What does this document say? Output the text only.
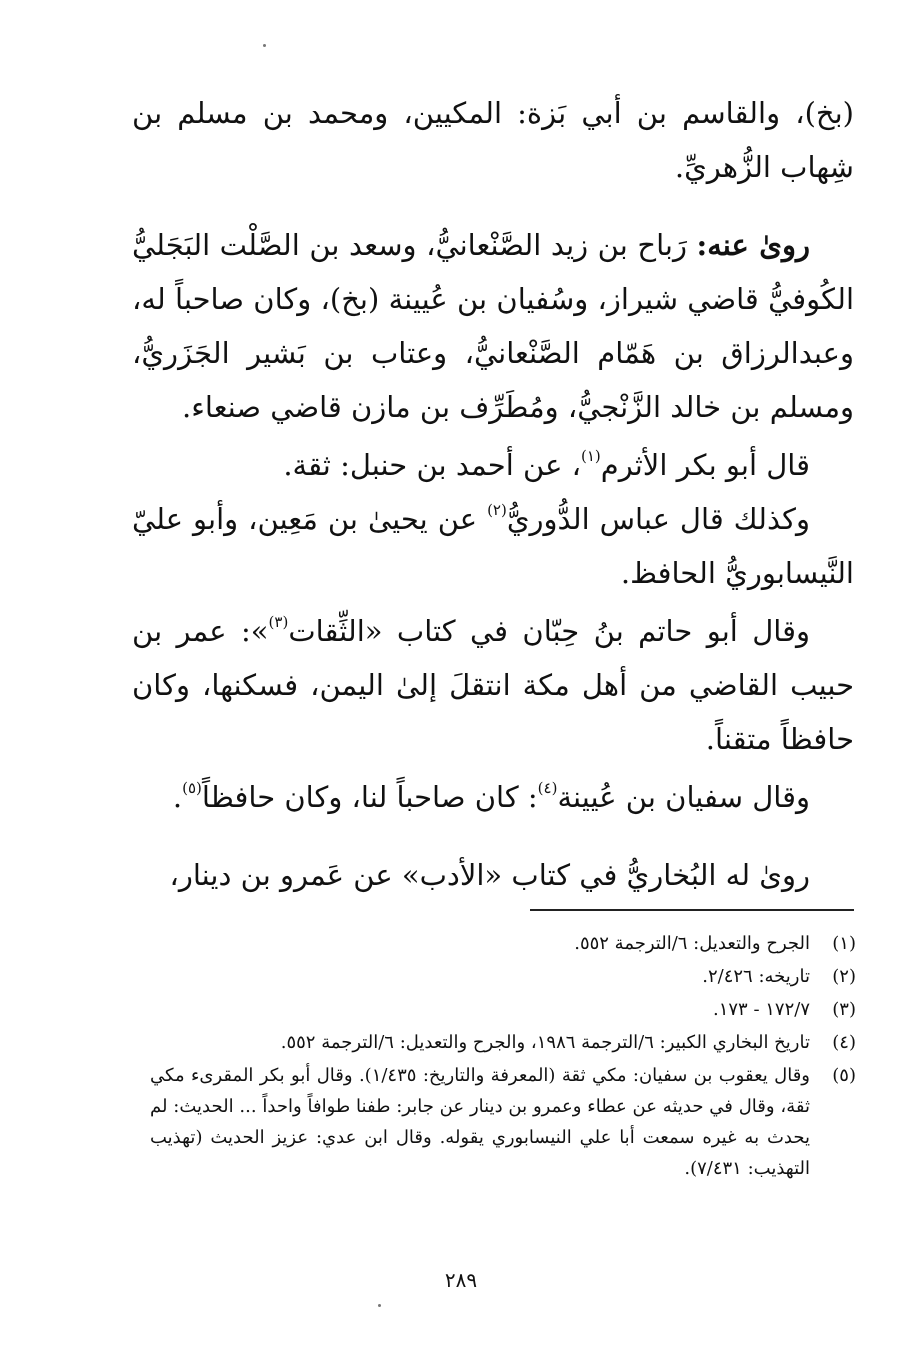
(بخ)، والقاسم بن أبي بَزة: المكيين، ومحمد بن مسلم بن شِهاب الزُّهريِّ.

روىٰ عنه: رَباح بن زيد الصَّنْعانيُّ، وسعد بن الصَّلْت البَجَليُّ الكُوفيُّ قاضي شيراز، وسُفيان بن عُيينة (بخ)، وكان صاحباً له، وعبدالرزاق بن هَمّام الصَّنْعانيُّ، وعتاب بن بَشير الجَزَريُّ، ومسلم بن خالد الزَّنْجيُّ، ومُطَرِّف بن مازن قاضي صنعاء.

قال أبو بكر الأثرم$^{(١)}$، عن أحمد بن حنبل: ثقة.

وكذلك قال عباس الدُّوريُّ$^{(٢)}$ عن يحيىٰ بن مَعِين، وأبو عليّ النَّيسابوريُّ الحافظ.

وقال أبو حاتم بنُ حِبّان في كتاب «الثِّقات$^{(٣)}$»: عمر بن حبيب القاضي من أهل مكة انتقلَ إلىٰ اليمن، فسكنها، وكان حافظاً متقناً.

وقال سفيان بن عُيينة$^{(٤)}$: كان صاحباً لنا، وكان حافظاً$^{(٥)}$.

روىٰ له البُخاريُّ في كتاب «الأدب» عن عَمرو بن دينار،

(١)
الجرح والتعديل: ٦/الترجمة ٥٥٢.
(٢)
تاريخه: ٢/٤٢٦.
(٣)
١٧٢/٧ - ١٧٣.
(٤)
تاريخ البخاري الكبير: ٦/الترجمة ١٩٨٦، والجرح والتعديل: ٦/الترجمة ٥٥٢.
(٥)
وقال يعقوب بن سفيان: مكي ثقة (المعرفة والتاريخ: ١/٤٣٥). وقال أبو بكر المقرىء مكي ثقة، وقال في حديثه عن عطاء وعمرو بن دينار عن جابر: طفنا طوافاً واحداً ... الحديث: لم يحدث به غيره سمعت أبا علي النيسابوري يقوله. وقال ابن عدي: عزيز الحديث (تهذيب التهذيب: ٧/٤٣١).
٢٨٩
